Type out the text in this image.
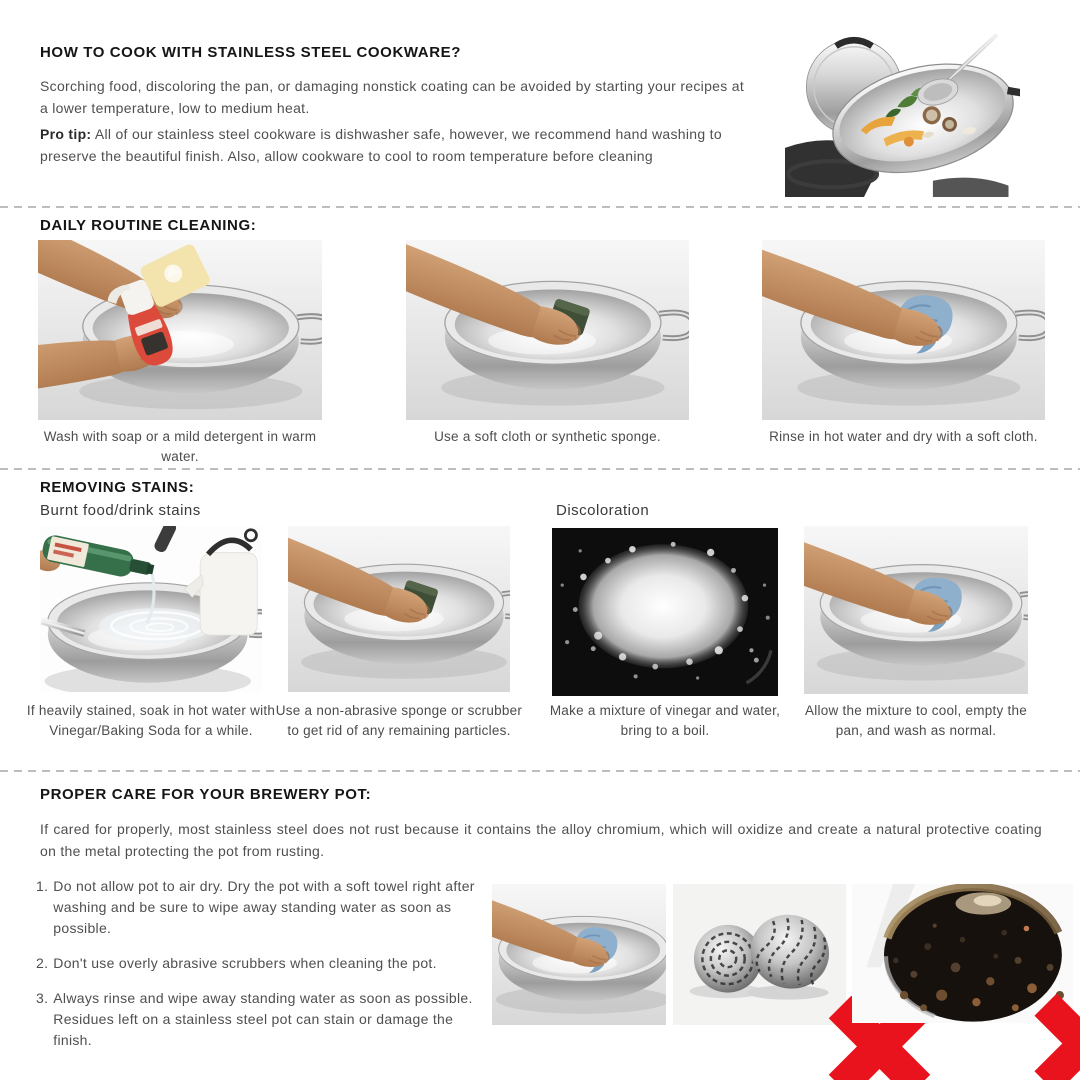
HOW TO COOK WITH STAINLESS STEEL COOKWARE?

Scorching food, discoloring the pan, or damaging nonstick coating can be avoided by starting your recipes at a lower temperature, low to medium heat.

Pro tip: All of our stainless steel cookware is dishwasher safe, however, we recommend hand washing to preserve the beautiful finish. Also, allow cookware to cool to room temperature before cleaning

DAILY ROUTINE CLEANING:

Wash with soap or a mild detergent in warm water.

Use a soft cloth or synthetic sponge.	Rinse in hot water and dry with a soft cloth.

REMOVING STAINS:

Burnt food/drink stains	Discoloration

If heavily stained, soak in hot water with Vinegar/Baking Soda for a while.

Use a non-abrasive sponge or scrubber to get rid of any remaining particles.

Make a mixture of vinegar and water, bring to a boil.

Allow the mixture to cool, empty the pan, and wash as normal.

PROPER CARE FOR YOUR BREWERY POT:

If cared for properly, most stainless steel does not rust because it contains the alloy chromium, which will oxidize and create a natural protective coating on the metal protecting the pot from rusting.

1. Do not allow pot to air dry. Dry the pot with a soft towel right after washing and be sure to wipe away standing water as soon as possible.
2. Don't use overly abrasive scrubbers when cleaning the pot.
3. Always rinse and wipe away standing water as soon as possible. Residues left on a stainless steel pot can stain or damage the finish.
